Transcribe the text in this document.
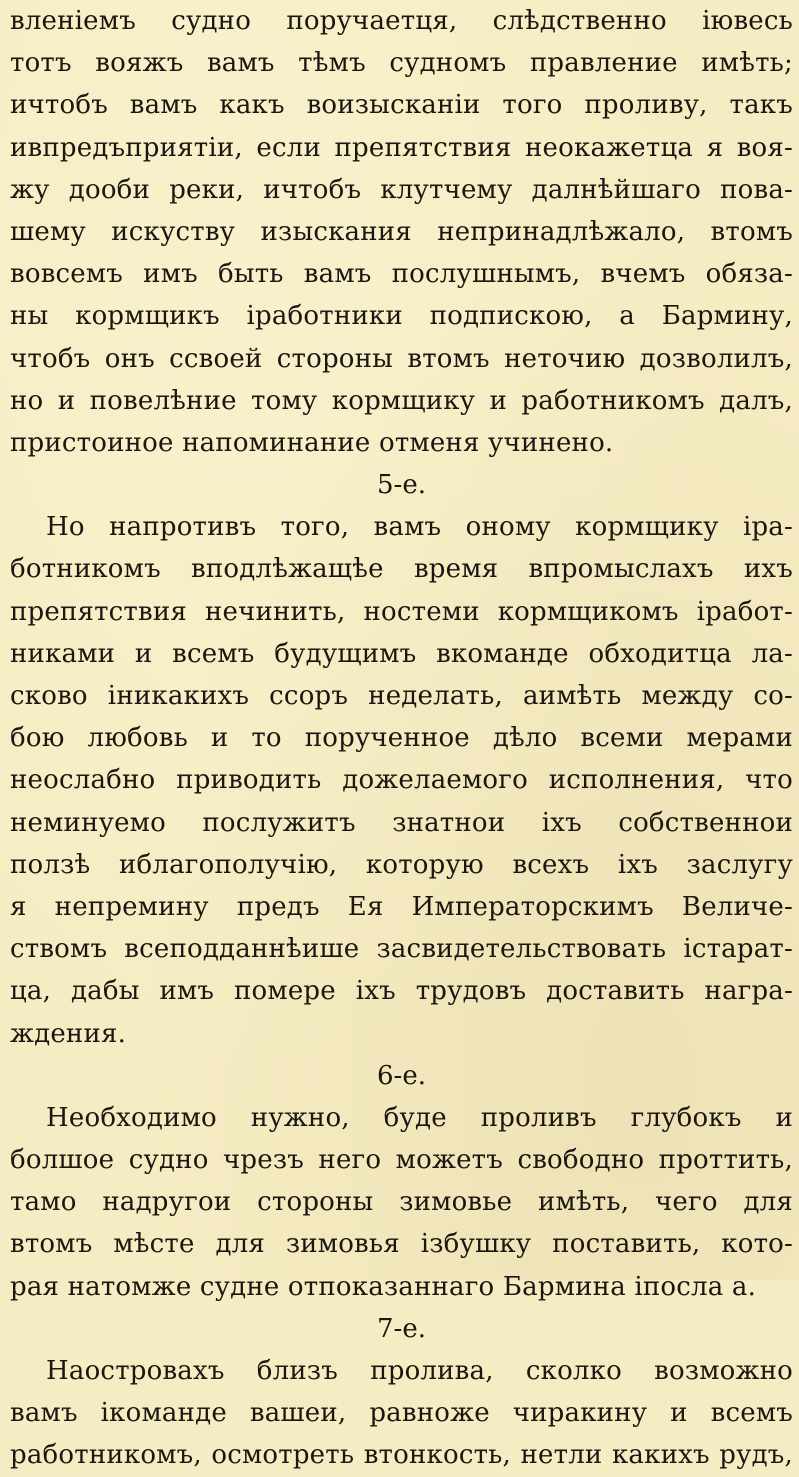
вленіемъ судно поручаетця, слѣдственно іювесь
тотъ вояжъ вамъ тѣмъ судномъ правление имѣть;
ичтобъ вамъ какъ воизысканіи того проливу, такъ
ивпредъприятіи, если препятствия неокажетца я воя-
жу дооби реки, ичтобъ клутчему далнѣйшаго пова-
шему искуству изыскания непринадлѣжало, втомъ
вовсемъ имъ быть вамъ послушнымъ, вчемъ обяза-
ны кормщикъ іработники подпискою, а Бармину,
чтобъ онъ ссвоей стороны втомъ неточию дозволилъ,
но и повелѣние тому кормщику и работникомъ далъ,
пристоиное напоминание отменя учинено.
5-е.
Но напротивъ того, вамъ оному кормщику іра-
ботникомъ вподлѣжащѣе время впромыслахъ ихъ
препятствия нечинить, ностеми кормщикомъ іработ-
никами и всемъ будущимъ вкоманде обходитца ла-
сково іникакихъ ссоръ неделать, аимѣть между со-
бою любовь и то порученное дѣло всеми мерами
неослабно приводить дожелаемого исполнения, что
неминуемо послужитъ знатнои іхъ собственнои
ползѣ иблагополучію, которую всехъ іхъ заслугу
я непремину предъ Ея Императорскимъ Величе-
ствомъ всеподданнѣише засвидетельствовать істарат-
ца, дабы имъ помере іхъ трудовъ доставить награ-
ждения.
6-е.
Необходимо нужно, буде проливъ глубокъ и
болшое судно чрезъ него можетъ свободно проттить,
тамо надругои стороны зимовье имѣть, чего для
втомъ мѣсте для зимовья ізбушку поставить, кото-
рая натомже судне отпоказаннаго Бармина іпосла а.
7-е.
Наостровахъ близъ пролива, сколко возможно
вамъ ікоманде вашеи, равноже чиракину и всемъ
работникомъ, осмотреть втонкость, нетли какихъ рудъ,
